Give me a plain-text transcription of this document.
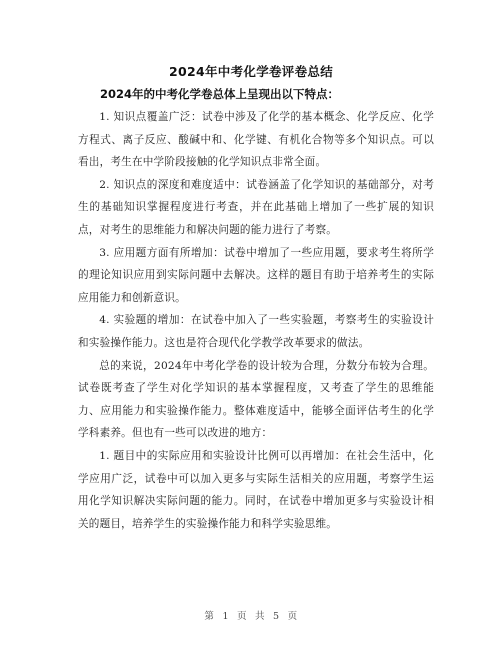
2024年中考化学卷评卷总结
2024年的中考化学卷总体上呈现出以下特点：

1. 知识点覆盖广泛：试卷中涉及了化学的基本概念、化学反应、化学方程式、离子反应、酸碱中和、化学键、有机化合物等多个知识点。可以看出，考生在中学阶段接触的化学知识点非常全面。

2. 知识点的深度和难度适中：试卷涵盖了化学知识的基础部分，对考生的基础知识掌握程度进行考查，并在此基础上增加了一些扩展的知识点，对考生的思维能力和解决问题的能力进行了考察。

3. 应用题方面有所增加：试卷中增加了一些应用题，要求考生将所学的理论知识应用到实际问题中去解决。这样的题目有助于培养考生的实际应用能力和创新意识。

4. 实验题的增加：在试卷中加入了一些实验题，考察考生的实验设计和实验操作能力。这也是符合现代化学教学改革要求的做法。

总的来说，2024年中考化学卷的设计较为合理，分数分布较为合理。试卷既考查了学生对化学知识的基本掌握程度，又考查了学生的思维能力、应用能力和实验操作能力。整体难度适中，能够全面评估考生的化学学科素养。但也有一些可以改进的地方：

1. 题目中的实际应用和实验设计比例可以再增加：在社会生活中，化学应用广泛，试卷中可以加入更多与实际生活相关的应用题，考察学生运用化学知识解决实际问题的能力。同时，在试卷中增加更多与实验设计相关的题目，培养学生的实验操作能力和科学实验思维。

第 1 页 共 5 页
